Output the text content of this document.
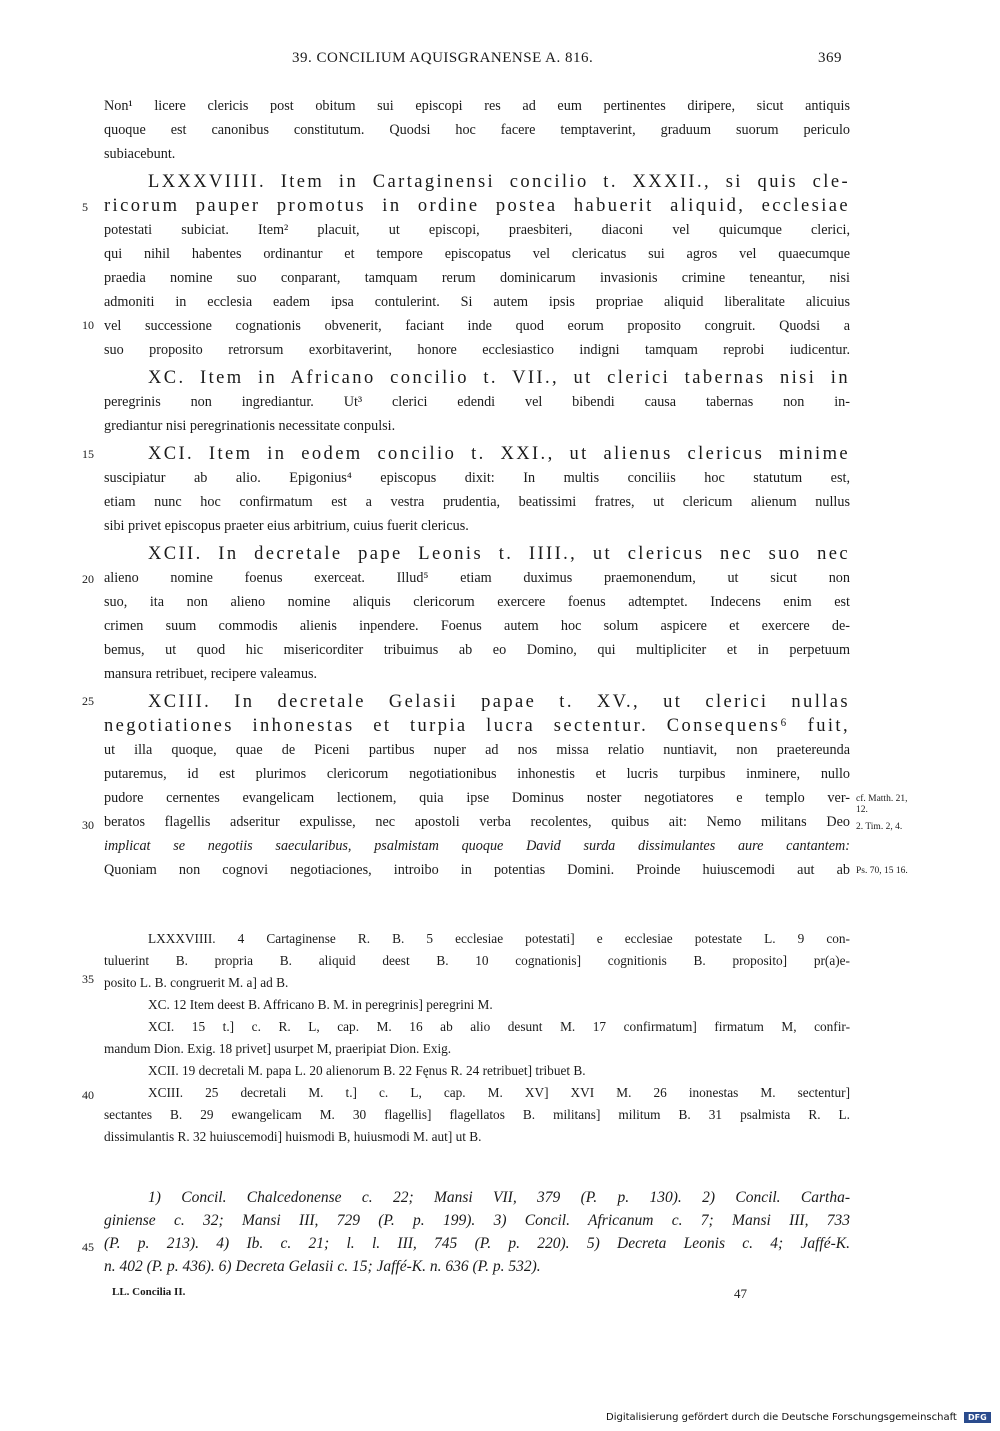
39. CONCILIUM AQUISGRANENSE A. 816.	369
5
10
15
20
25
30
35
40
45
Non¹ licere clericis post obitum sui episcopi res ad eum pertinentes diripere, sicut antiquis
quoque est canonibus constitutum. Quodsi hoc facere temptaverint, graduum suorum periculo
subiacebunt.
LXXXVIIII. Item in Cartaginensi concilio t. XXXII., si quis cle-
ricorum pauper promotus in ordine postea habuerit aliquid, ecclesiae
potestati subiciat. Item² placuit, ut episcopi, praesbiteri, diaconi vel quicumque clerici,
qui nihil habentes ordinantur et tempore episcopatus vel clericatus sui agros vel quaecumque
praedia nomine suo conparant, tamquam rerum dominicarum invasionis crimine teneantur, nisi
admoniti in ecclesia eadem ipsa contulerint. Si autem ipsis propriae aliquid liberalitate alicuius
vel successione cognationis obvenerit, faciant inde quod eorum proposito congruit. Quodsi a
suo proposito retrorsum exorbitaverint, honore ecclesiastico indigni tamquam reprobi iudicentur.
XC. Item in Africano concilio t. VII., ut clerici tabernas nisi in
peregrinis non ingrediantur. Ut³ clerici edendi vel bibendi causa tabernas non in-
grediantur nisi peregrinationis necessitate conpulsi.
XCI. Item in eodem concilio t. XXI., ut alienus clericus minime
suscipiatur ab alio. Epigonius⁴ episcopus dixit: In multis conciliis hoc statutum est,
etiam nunc hoc confirmatum est a vestra prudentia, beatissimi fratres, ut clericum alienum nullus
sibi privet episcopus praeter eius arbitrium, cuius fuerit clericus.
XCII. In decretale pape Leonis t. IIII., ut clericus nec suo nec
alieno nomine foenus exerceat. Illud⁵ etiam duximus praemonendum, ut sicut non
suo, ita non alieno nomine aliquis clericorum exercere foenus adtemptet. Indecens enim est
crimen suum commodis alienis inpendere. Foenus autem hoc solum aspicere et exercere de-
bemus, ut quod hic misericorditer tribuimus ab eo Domino, qui multipliciter et in perpetuum
mansura retribuet, recipere valeamus.
XCIII. In decretale Gelasii papae t. XV., ut clerici nullas
negotiationes inhonestas et turpia lucra sectentur. Consequens⁶ fuit,
ut illa quoque, quae de Piceni partibus nuper ad nos missa relatio nuntiavit, non praetereunda
putaremus, id est plurimos clericorum negotiationibus inhonestis et lucris turpibus inminere, nullo
pudore cernentes evangelicam lectionem, quia ipse Dominus noster negotiatores e templo ver-
beratos flagellis adseritur expulisse, nec apostoli verba recolentes, quibus ait: Nemo militans Deo
implicat se negotiis saecularibus, psalmistam quoque David surda dissimulantes aure cantantem:
Quoniam non cognovi negotiaciones, introibo in potentias Domini. Proinde huiuscemodi aut ab
cf. Matth. 21, 12.
2. Tim. 2, 4.
Ps. 70, 15 16.
LXXXVIIII. 4 Cartaginense R. B. 5 ecclesiae potestati] e ecclesiae potestate L. 9 con-
tuluerint B. propria B. aliquid deest B. 10 cognationis] cognitionis B. proposito] pr(a)e-
posito L. B. congruerit M. a] ad B.
XC. 12 Item deest B. Affricano B. M. in peregrinis] peregrini M.
XCI. 15 t.] c. R. L, cap. M. 16 ab alio desunt M. 17 confirmatum] firmatum M, confir-
mandum Dion. Exig. 18 privet] usurpet M, praeripiat Dion. Exig.
XCII. 19 decretali M. papa L. 20 alienorum B. 22 Fęnus R. 24 retribuet] tribuet B.
XCIII. 25 decretali M. t.] c. L, cap. M. XV] XVI M. 26 inonestas M. sectentur]
sectantes B. 29 ewangelicam M. 30 flagellis] flagellatos B. militans] militum B. 31 psalmista R. L.
dissimulantis R. 32 huiuscemodi] huismodi B, huiusmodi M. aut] ut B.
1) Concil. Chalcedonense c. 22; Mansi VII, 379 (P. p. 130). 2) Concil. Cartha-
giniense c. 32; Mansi III, 729 (P. p. 199). 3) Concil. Africanum c. 7; Mansi III, 733
(P. p. 213). 4) Ib. c. 21; l. l. III, 745 (P. p. 220). 5) Decreta Leonis c. 4; Jaffé-K.
n. 402 (P. p. 436). 6) Decreta Gelasii c. 15; Jaffé-K. n. 636 (P. p. 532).
LL. Concilia II.	47
Digitalisierung gefördert durch die Deutsche Forschungsgemeinschaft DFG
